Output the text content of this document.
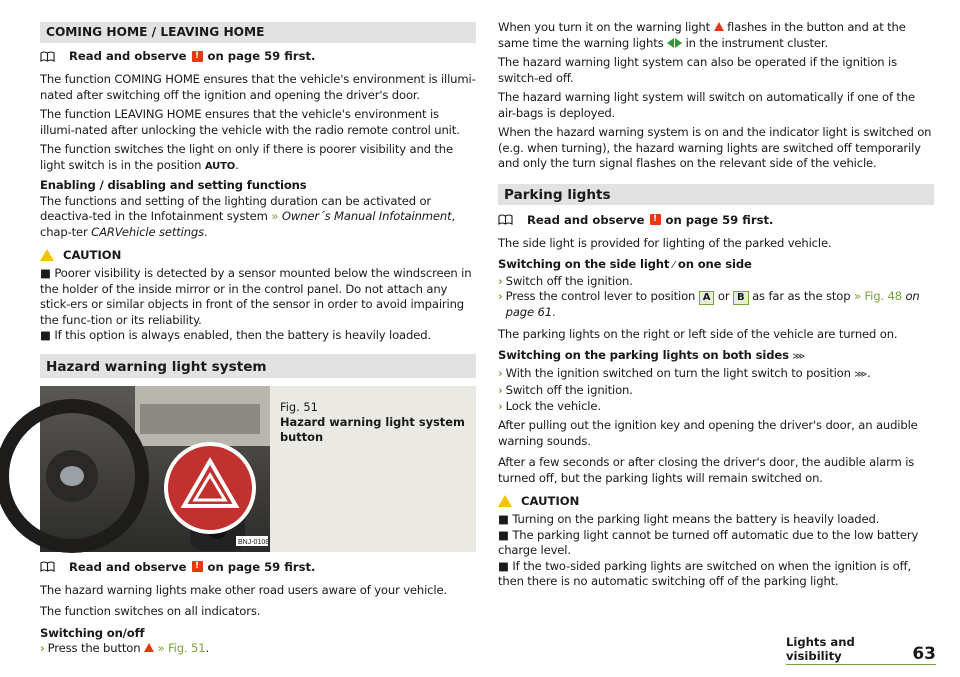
COMING HOME / LEAVING HOME
Read and observe ! on page 59 first.

The function COMING HOME ensures that the vehicle's environment is illumi-nated after switching off the ignition and opening the driver's door.

The function LEAVING HOME ensures that the vehicle's environment is illumi-nated after unlocking the vehicle with the radio remote control unit.

The function switches the light on only if there is poorer visibility and the light switch is in the position AUTO.

Enabling / disabling and setting functions

The functions and setting of the lighting duration can be activated or deactiva-ted in the Infotainment system » Owner´s Manual Infotainment, chap-ter CARVehicle settings.

CAUTION

■ Poorer visibility is detected by a sensor mounted below the windscreen in the holder of the inside mirror or in the control panel. Do not attach any stick-ers or similar objects in front of the sensor in order to avoid impairing the func-tion or its reliability.

■ If this option is always enabled, then the battery is heavily loaded.

Hazard warning light system
BNJ-0108
Fig. 51
Hazard warning light system button
Read and observe ! on page 59 first.

The hazard warning lights make other road users aware of your vehicle.

The function switches on all indicators.

Switching on/off

› Press the button » Fig. 51.

When you turn it on the warning light flashes in the button and at the same time the warning lights in the instrument cluster.

The hazard warning light system can also be operated if the ignition is switch-ed off.

The hazard warning light system will switch on automatically if one of the air-bags is deployed.

When the hazard warning system is on and the indicator light is switched on (e.g. when turning), the hazard warning lights are switched off temporarily and only the turn signal flashes on the relevant side of the vehicle.

Parking lights
Read and observe ! on page 59 first.

The side light is provided for lighting of the parked vehicle.

Switching on the side light ⁄ on one side

› Switch off the ignition.
› Press the control lever to position A or B as far as the stop » Fig. 48 on page 61.

The parking lights on the right or left side of the vehicle are turned on.

Switching on the parking lights on both sides ⋙

› With the ignition switched on turn the light switch to position ⋙.
› Switch off the ignition.
› Lock the vehicle.

After pulling out the ignition key and opening the driver's door, an audible warning sounds.

After a few seconds or after closing the driver's door, the audible alarm is turned off, but the parking lights will remain switched on.

CAUTION

■ Turning on the parking light means the battery is heavily loaded.

■ The parking light cannot be turned off automatic due to the low battery charge level.

■ If the two-sided parking lights are switched on when the ignition is off, then there is no automatic switching off of the parking light.

Lights and visibility	63
